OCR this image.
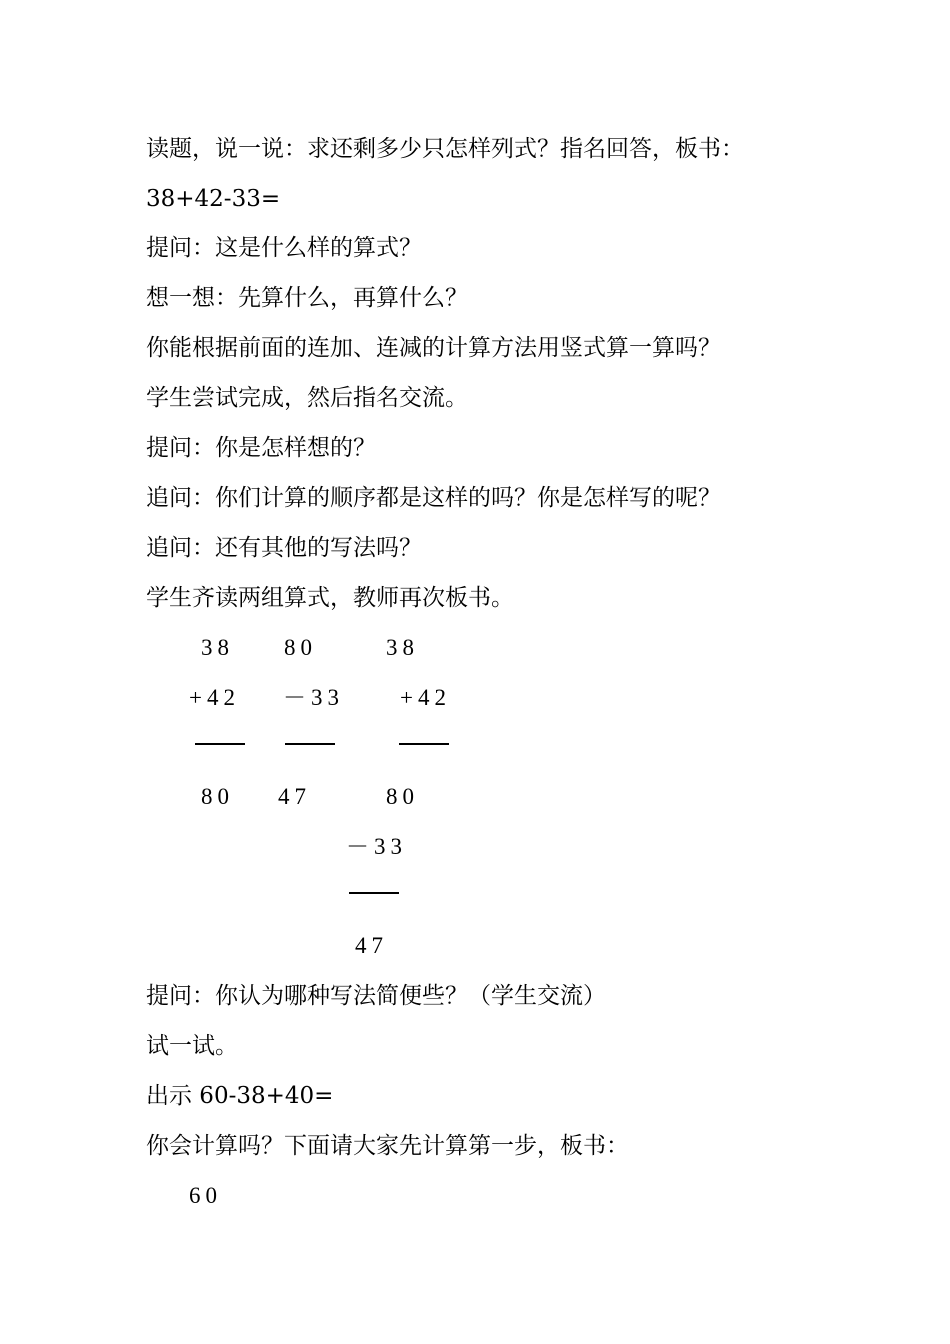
读题，说一说：求还剩多少只怎样列式？指名回答，板书：
38+42-33=
提问：这是什么样的算式？
想一想：先算什么，再算什么？
你能根据前面的连加、连减的计算方法用竖式算一算吗？
学生尝试完成，然后指名交流。
提问：你是怎样想的？
追问：你们计算的顺序都是这样的吗？你是怎样写的呢？
追问：还有其他的写法吗？
学生齐读两组算式，教师再次板书。
38
+42
80
80
－33
47
38
+42
80
－33
47
提问：你认为哪种写法简便些？（学生交流）
试一试。
出示 60-38+40=
你会计算吗？下面请大家先计算第一步，板书：
60
